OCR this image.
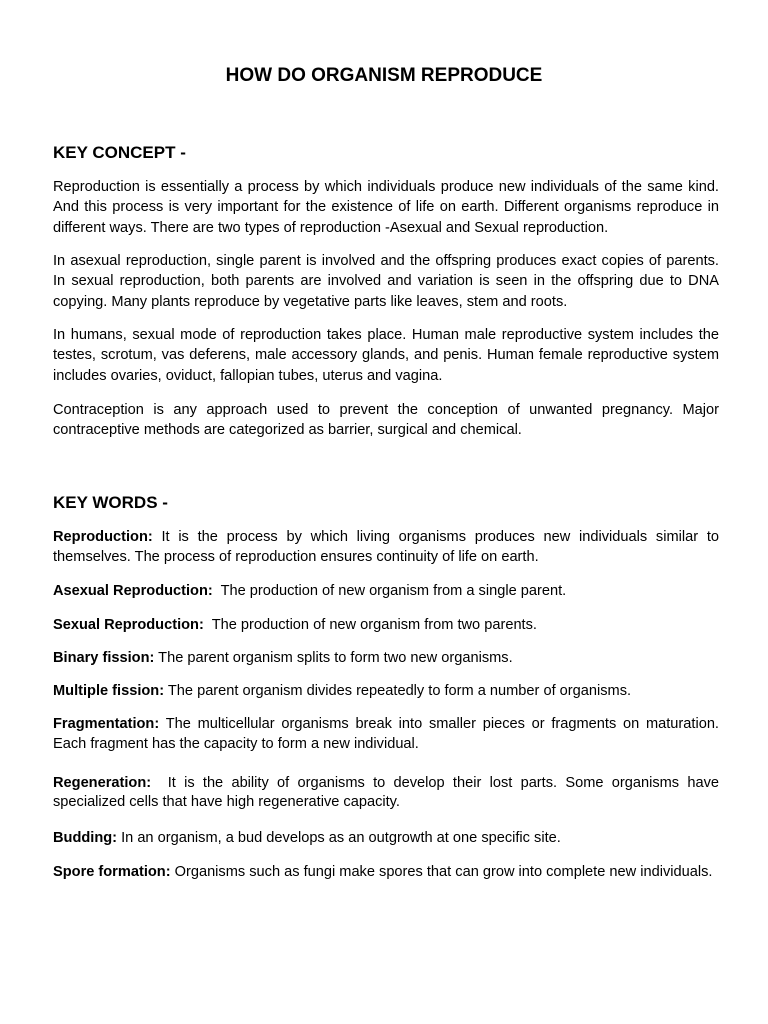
HOW DO ORGANISM REPRODUCE
KEY CONCEPT -

Reproduction is essentially a process by which individuals produce new individuals of the same kind. And this process is very important for the existence of life on earth. Different organisms reproduce in different ways. There are two types of reproduction -Asexual and Sexual reproduction.

In asexual reproduction, single parent is involved and the offspring produces exact copies of parents. In sexual reproduction, both parents are involved and variation is seen in the offspring due to DNA copying. Many plants reproduce by vegetative parts like leaves, stem and roots.

In humans, sexual mode of reproduction takes place. Human male reproductive system includes the testes, scrotum, vas deferens, male accessory glands, and penis. Human female reproductive system includes ovaries, oviduct, fallopian tubes, uterus and vagina.

Contraception is any approach used to prevent the conception of unwanted pregnancy. Major contraceptive methods are categorized as barrier, surgical and chemical.

KEY WORDS -

Reproduction: It is the process by which living organisms produces new individuals similar to themselves. The process of reproduction ensures continuity of life on earth.

Asexual Reproduction: The production of new organism from a single parent.

Sexual Reproduction: The production of new organism from two parents.

Binary fission: The parent organism splits to form two new organisms.

Multiple fission: The parent organism divides repeatedly to form a number of organisms.

Fragmentation: The multicellular organisms break into smaller pieces or fragments on maturation. Each fragment has the capacity to form a new individual.

Regeneration: It is the ability of organisms to develop their lost parts. Some organisms have specialized cells that have high regenerative capacity.

Budding: In an organism, a bud develops as an outgrowth at one specific site.

Spore formation: Organisms such as fungi make spores that can grow into complete new individuals.
